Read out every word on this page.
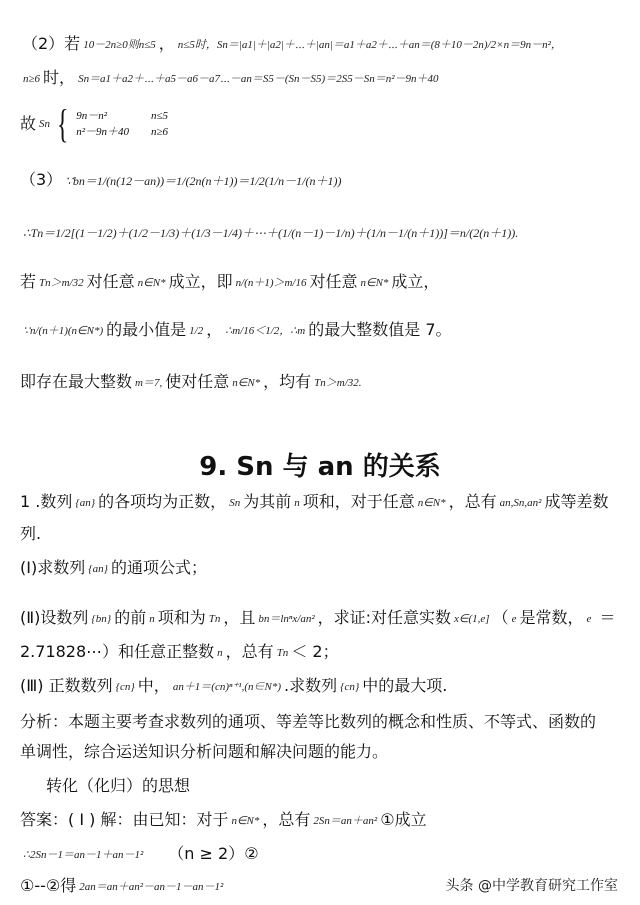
（2）若 10－2n≥0则n≤5 ， n≤5时，Sn＝|a1|＋|a2|＋⋯＋|an|＝a1＋a2＋⋯＋an＝(8＋10－2n)/2×n＝9n－n²，
n≥6 时， Sn＝a1＋a2＋⋯＋a5－a6－a7⋯－an＝S5－(Sn－S5)＝2S5－Sn＝n²－9n＋40
故 Sn { 9n－n²　　　　n≤5
n²－9n＋40　　n≥6
（3） ∵bn＝1/(n(12－an))＝1/(2n(n＋1))＝1/2(1/n－1/(n＋1))
∴Tn＝1/2[(1－1/2)＋(1/2－1/3)＋(1/3－1/4)＋⋯＋(1/(n－1)－1/n)＋(1/n－1/(n＋1))]＝n/(2(n＋1)).
若 Tn＞m/32 对任意 n∈N* 成立，即 n/(n＋1)＞m/16 对任意 n∈N* 成立，
∵n/(n＋1)(n∈N*) 的最小值是 1/2 ， ∴m/16＜1/2，∴m 的最大整数值是 7。
即存在最大整数 m＝7, 使对任意 n∈N* ，均有 Tn＞m/32.
9. Sn 与 an 的关系
1 .数列 {an} 的各项均为正数， Sn 为其前 n 项和，对于任意 n∈N* ，总有 an,Sn,an² 成等差数
列.
(Ⅰ)求数列 {an} 的通项公式；
(Ⅱ)设数列 {bn} 的前 n 项和为 Tn ，且 bn＝lnⁿx/an² ，求证:对任意实数 x∈(1,e] （ e 是常数， e ＝
2.71828⋯）和任意正整数 n ，总有 Tn ＜ 2；
(Ⅲ) 正数数列 {cn} 中， an＋1＝(cn)ⁿ⁺¹,(n∈N*) .求数列 {cn} 中的最大项.
分析：本题主要考查求数列的通项、等差等比数列的概念和性质、不等式、函数的
单调性，综合运送知识分析问题和解决问题的能力。
转化（化归）的思想
答案：( Ⅰ ) 解：由已知：对于 n∈N* ，总有 2Sn＝an＋an² ①成立
∴2Sn－1＝an－1＋an－1² （n ≥ 2）②
①--②得 2an＝an＋an²－an－1－an－1²	头条 @中学教育研究工作室
